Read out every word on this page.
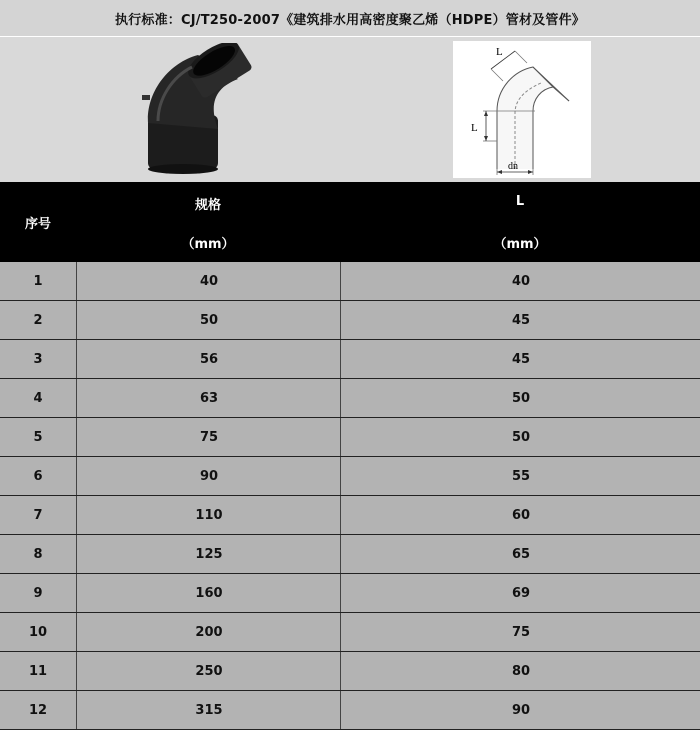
执行标准：CJ/T250-2007《建筑排水用高密度聚乙烯（HDPE）管材及管件》
L
L
dn
序号
规格
（mm）
L
（mm）
1	40	40
2	50	45
3	56	45
4	63	50
5	75	50
6	90	55
7	110	60
8	125	65
9	160	69
10	200	75
11	250	80
12	315	90
